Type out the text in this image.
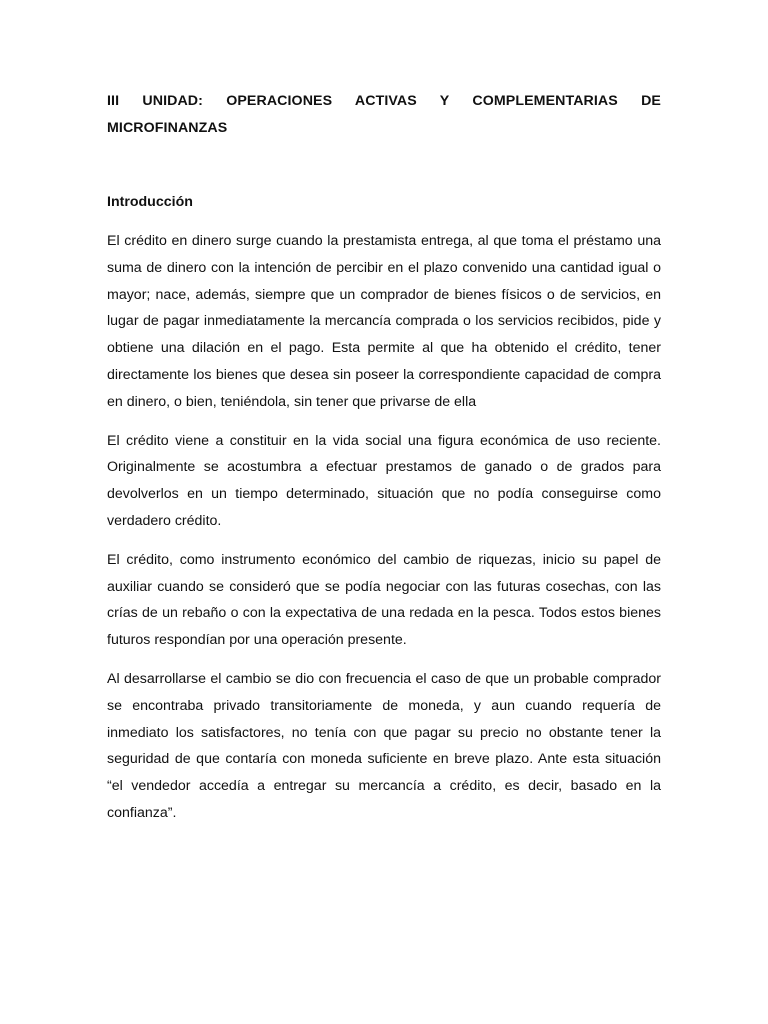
III UNIDAD: OPERACIONES ACTIVAS Y COMPLEMENTARIAS DE MICROFINANZAS
Introducción

El crédito en dinero surge cuando la prestamista entrega, al que toma el préstamo una suma de dinero con la intención de percibir en el plazo convenido una cantidad igual o mayor; nace, además, siempre que un comprador de bienes físicos o de servicios, en lugar de pagar inmediatamente la mercancía comprada o los servicios recibidos, pide y obtiene una dilación en el pago. Esta permite al que ha obtenido el crédito, tener directamente los bienes que desea sin poseer la correspondiente capacidad de compra en dinero, o bien, teniéndola, sin tener que privarse de ella

El crédito viene a constituir en la vida social una figura económica de uso reciente. Originalmente se acostumbra a efectuar prestamos de ganado o de grados para devolverlos en un tiempo determinado, situación que no podía conseguirse como verdadero crédito.

El crédito, como instrumento económico del cambio de riquezas, inicio su papel de auxiliar cuando se consideró que se podía negociar con las futuras cosechas, con las crías de un rebaño o con la expectativa de una redada en la pesca. Todos estos bienes futuros respondían por una operación presente.

Al desarrollarse el cambio se dio con frecuencia el caso de que un probable comprador se encontraba privado transitoriamente de moneda, y aun cuando requería de inmediato los satisfactores, no tenía con que pagar su precio no obstante tener la seguridad de que contaría con moneda suficiente en breve plazo. Ante esta situación “el vendedor accedía a entregar su mercancía a crédito, es decir, basado en la confianza”.
